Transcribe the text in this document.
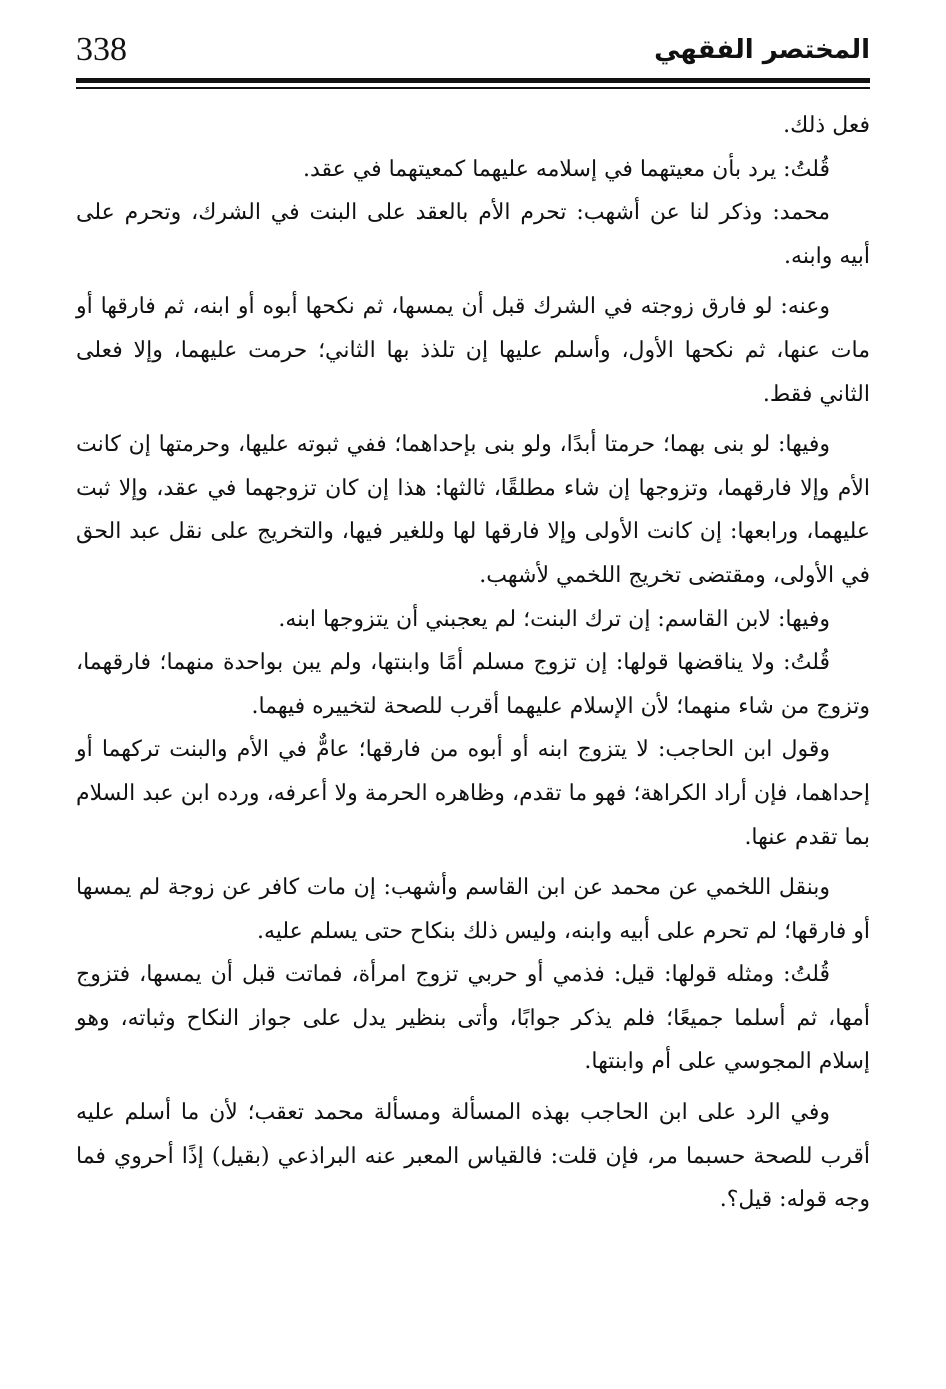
338	المختصر الفقهي

فعل ذلك.

قُلتُ: يرد بأن معيتهما في إسلامه عليهما كمعيتهما في عقد.

محمد: وذكر لنا عن أشهب: تحرم الأم بالعقد على البنت في الشرك، وتحرم على أبيه وابنه.

وعنه: لو فارق زوجته في الشرك قبل أن يمسها، ثم نكحها أبوه أو ابنه، ثم فارقها أو مات عنها، ثم نكحها الأول، وأسلم عليها إن تلذذ بها الثاني؛ حرمت عليهما، وإلا فعلى الثاني فقط.

وفيها: لو بنى بهما؛ حرمتا أبدًا، ولو بنى بإحداهما؛ ففي ثبوته عليها، وحرمتها إن كانت الأم وإلا فارقهما، وتزوجها إن شاء مطلقًا، ثالثها: هذا إن كان تزوجهما في عقد، وإلا ثبت عليهما، ورابعها: إن كانت الأولى وإلا فارقها لها وللغير فيها، والتخريج على نقل عبد الحق في الأولى، ومقتضى تخريج اللخمي لأشهب.

وفيها: لابن القاسم: إن ترك البنت؛ لم يعجبني أن يتزوجها ابنه.

قُلتُ: ولا يناقضها قولها: إن تزوج مسلم أمًا وابنتها، ولم يبن بواحدة منهما؛ فارقهما، وتزوج من شاء منهما؛ لأن الإسلام عليهما أقرب للصحة لتخييره فيهما.

وقول ابن الحاجب: لا يتزوج ابنه أو أبوه من فارقها؛ عامٌّ في الأم والبنت تركهما أو إحداهما، فإن أراد الكراهة؛ فهو ما تقدم، وظاهره الحرمة ولا أعرفه، ورده ابن عبد السلام بما تقدم عنها.

وبنقل اللخمي عن محمد عن ابن القاسم وأشهب: إن مات كافر عن زوجة لم يمسها أو فارقها؛ لم تحرم على أبيه وابنه، وليس ذلك بنكاح حتى يسلم عليه.

قُلتُ: ومثله قولها: قيل: فذمي أو حربي تزوج امرأة، فماتت قبل أن يمسها، فتزوج أمها، ثم أسلما جميعًا؛ فلم يذكر جوابًا، وأتى بنظير يدل على جواز النكاح وثباته، وهو إسلام المجوسي على أم وابنتها.

وفي الرد على ابن الحاجب بهذه المسألة ومسألة محمد تعقب؛ لأن ما أسلم عليه أقرب للصحة حسبما مر، فإن قلت: فالقياس المعبر عنه البراذعي (بقيل) إذًا أحروي فما وجه قوله: قيل؟.
